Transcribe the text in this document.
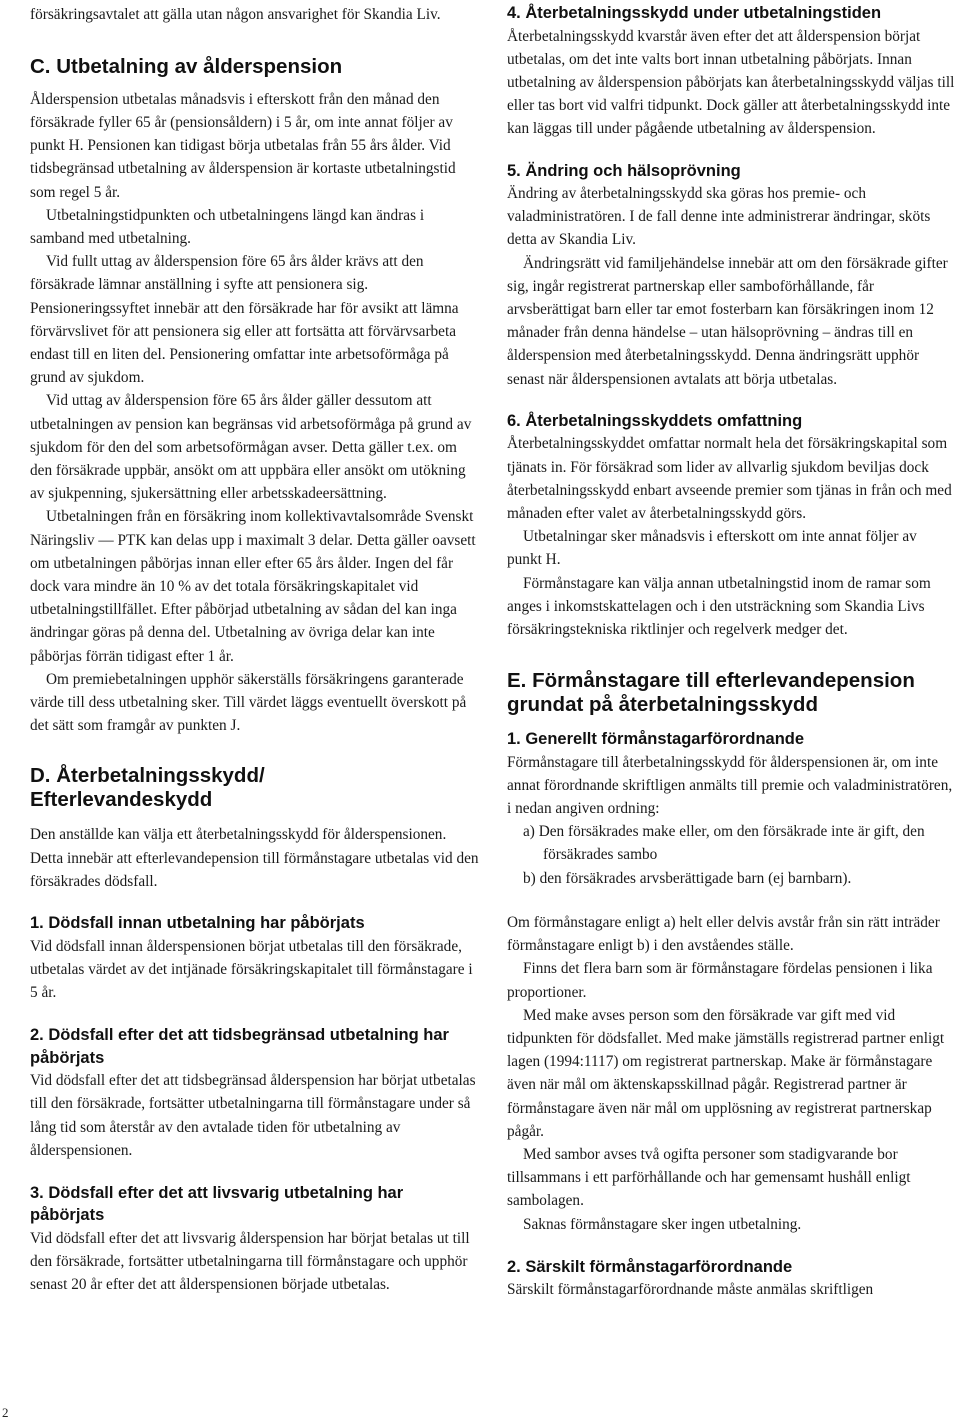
försäkringsavtalet att gälla utan någon ansvarighet för Skandia Liv.

C. Utbetalning av ålderspension

Ålderspension utbetalas månadsvis i efterskott från den månad den försäkrade fyller 65 år (pensionsåldern) i 5 år, om inte annat följer av punkt H. Pensionen kan tidigast börja utbetalas från 55 års ålder. Vid tidsbegränsad utbetalning av ålderspension är kortaste utbetalningstid som regel 5 år.

Utbetalningstidpunkten och utbetalningens längd kan ändras i samband med utbetalning.

Vid fullt uttag av ålderspension före 65 års ålder krävs att den försäkrade lämnar anställning i syfte att pensionera sig. Pensioneringssyftet innebär att den försäkrade har för avsikt att lämna förvärvslivet för att pensionera sig eller att fortsätta att förvärvsarbeta endast till en liten del. Pensionering omfattar inte arbetsoförmåga på grund av sjukdom.

Vid uttag av ålderspension före 65 års ålder gäller dessutom att utbetalningen av pension kan begränsas vid arbetsoförmåga på grund av sjukdom för den del som arbetsoförmågan avser. Detta gäller t.ex. om den försäkrade uppbär, ansökt om att uppbära eller ansökt om utökning av sjukpenning, sjukersättning eller arbetsskadeersättning.

Utbetalningen från en försäkring inom kollektivavtalsområde Svenskt Näringsliv — PTK kan delas upp i maximalt 3 delar. Detta gäller oavsett om utbetalningen påbörjas innan eller efter 65 års ålder. Ingen del får dock vara mindre än 10 % av det totala försäkringskapitalet vid utbetalningstillfället. Efter påbörjad utbetalning av sådan del kan inga ändringar göras på denna del. Utbetalning av övriga delar kan inte påbörjas förrän tidigast efter 1 år.

Om premiebetalningen upphör säkerställs försäkringens garanterade värde till dess utbetalning sker. Till värdet läggs eventuellt överskott på det sätt som framgår av punkten J.

D. Återbetalningsskydd/
Efterlevandeskydd

Den anställde kan välja ett återbetalningsskydd för ålderspensionen. Detta innebär att efterlevandepension till förmånstagare utbetalas vid den försäkrades dödsfall.

1. Dödsfall innan utbetalning har påbörjats

Vid dödsfall innan ålderspensionen börjat utbetalas till den försäkrade, utbetalas värdet av det intjänade försäkringskapitalet till förmånstagare i 5 år.

2. Dödsfall efter det att tidsbegränsad utbetalning har påbörjats

Vid dödsfall efter det att tidsbegränsad ålderspension har börjat utbetalas till den försäkrade, fortsätter utbetalningarna till förmånstagare under så lång tid som återstår av den avtalade tiden för utbetalning av ålderspensionen.

3. Dödsfall efter det att livsvarig utbetalning har påbörjats

Vid dödsfall efter det att livsvarig ålderspension har börjat betalas ut till den försäkrade, fortsätter utbetalningarna till förmånstagare och upphör senast 20 år efter det att ålderspensionen började utbetalas.

4. Återbetalningsskydd under utbetalningstiden

Återbetalningsskydd kvarstår även efter det att ålderspension börjat utbetalas, om det inte valts bort innan utbetalning påbörjats. Innan utbetalning av ålderspension påbörjats kan återbetalningsskydd väljas till eller tas bort vid valfri tidpunkt. Dock gäller att återbetalningsskydd inte kan läggas till under pågående utbetalning av ålderspension.

5. Ändring och hälsoprövning

Ändring av återbetalningsskydd ska göras hos premie- och valadministratören. I de fall denne inte administrerar ändringar, sköts detta av Skandia Liv.

Ändringsrätt vid familjehändelse innebär att om den försäkrade gifter sig, ingår registrerat partnerskap eller samboförhållande, får arvsberättigat barn eller tar emot fosterbarn kan försäkringen inom 12 månader från denna händelse – utan hälsoprövning – ändras till en ålderspension med återbetalningsskydd. Denna ändringsrätt upphör senast när ålderspensionen avtalats att börja utbetalas.

6. Återbetalningsskyddets omfattning

Återbetalningsskyddet omfattar normalt hela det försäkringskapital som tjänats in. För försäkrad som lider av allvarlig sjukdom beviljas dock återbetalningsskydd enbart avseende premier som tjänas in från och med månaden efter valet av återbetalningsskydd görs.

Utbetalningar sker månadsvis i efterskott om inte annat följer av punkt H.

Förmånstagare kan välja annan utbetalningstid inom de ramar som anges i inkomstskattelagen och i den utsträckning som Skandia Livs försäkringstekniska riktlinjer och regelverk medger det.

E. Förmånstagare till efterlevandepension
grundat på återbetalningsskydd
1. Generellt förmånstagarförordnande

Förmånstagare till återbetalningsskydd för ålderspensionen är, om inte annat förordnande skriftligen anmälts till premie och valadministratören, i nedan angiven ordning:

a) Den försäkrades make eller, om den försäkrade inte är gift, den försäkrades sambo

b) den försäkrades arvsberättigade barn (ej barnbarn).

Om förmånstagare enligt a) helt eller delvis avstår från sin rätt inträder förmånstagare enligt b) i den avståendes ställe.

Finns det flera barn som är förmånstagare fördelas pensionen i lika proportioner.

Med make avses person som den försäkrade var gift med vid tidpunkten för dödsfallet. Med make jämställs registrerad partner enligt lagen (1994:1117) om registrerat partnerskap. Make är förmånstagare även när mål om äktenskapsskillnad pågår. Registrerad partner är förmånstagare även när mål om upplösning av registrerat partnerskap pågår.

Med sambor avses två ogifta personer som stadigvarande bor tillsammans i ett parförhållande och har gemensamt hushåll enligt sambolagen.

Saknas förmånstagare sker ingen utbetalning.

2. Särskilt förmånstagarförordnande

Särskilt förmånstagarförordnande måste anmälas skriftligen

2
